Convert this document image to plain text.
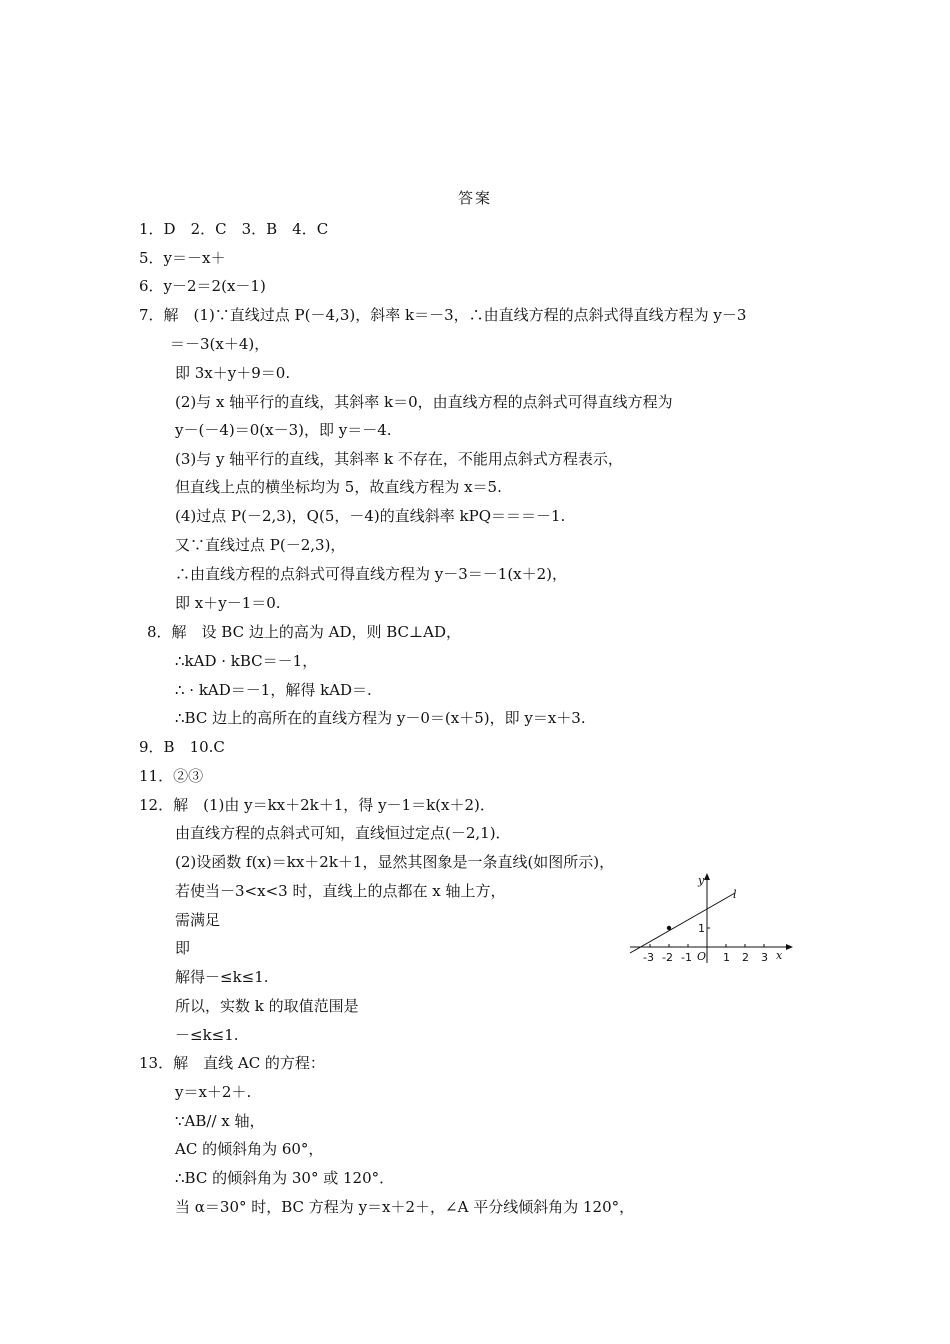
答案
1．D　2．C　3．B　4．C
5．y＝－x＋
6．y－2＝2(x－1)
7．解　(1)∵直线过点 P(－4,3)，斜率 k＝－3，∴由直线方程的点斜式得直线方程为 y－3
＝－3(x＋4)，
即 3x＋y＋9＝0.
(2)与 x 轴平行的直线，其斜率 k＝0，由直线方程的点斜式可得直线方程为
y－(－4)＝0(x－3)，即 y＝－4.
(3)与 y 轴平行的直线，其斜率 k 不存在，不能用点斜式方程表示，
但直线上点的横坐标均为 5，故直线方程为 x＝5.
(4)过点 P(－2,3)，Q(5，－4)的直线斜率 kPQ＝＝＝－1.
又∵直线过点 P(－2,3)，
∴由直线方程的点斜式可得直线方程为 y－3＝－1(x＋2)，
即 x＋y－1＝0.
8．解　设 BC 边上的高为 AD，则 BC⊥AD，
∴kAD · kBC＝－1，
∴ · kAD＝－1，解得 kAD＝.
∴BC 边上的高所在的直线方程为 y－0＝(x＋5)，即 y＝x＋3.
9．B　10.C
11．②③
12．解　(1)由 y＝kx＋2k＋1，得 y－1＝k(x＋2)．
由直线方程的点斜式可知，直线恒过定点(－2,1)．
(2)设函数 f(x)＝kx＋2k＋1，显然其图象是一条直线(如图所示)，
若使当－3<x<3 时，直线上的点都在 x 轴上方，
需满足
即
解得－≤k≤1.
所以，实数 k 的取值范围是
－≤k≤1.
13．解　直线 AC 的方程：
y＝x＋2＋.
∵AB// x 轴，
AC 的倾斜角为 60°，
∴BC 的倾斜角为 30° 或 120°．
当 α＝30° 时，BC 方程为 y＝x＋2＋，∠A 平分线倾斜角为 120°，
y
x
l
O
1
-3 -2 -1	1 2 3
